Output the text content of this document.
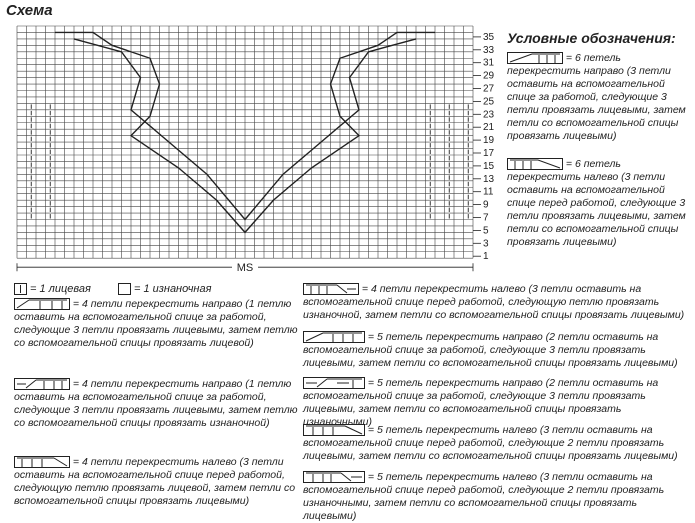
1
3
5
7
9
11
13
15
17
19
21
23
25
27
29
31
33
35
MS
Схема
Условные обозначения:
= 6 петель перекрестить направо (3 петли оставить на вспомогательной спице за работой, следующие 3 петли провязать лицевыми, затем петли со вспомогательной спицы провязать лицевыми)
= 6 петель перекрестить налево (3 петли оставить на вспомогательной спице перед работой, следующие 3 петли провязать лицевыми, затем петли со вспомогательной спицы провязать лицевыми)
= 1 лицевая	= 1 изнаночная
= 4 петли перекрестить направо (1 петлю оставить на вспомогательной спице за работой, следующие 3 петли провязать лицевыми, затем петлю со вспомогательной спицы провязать лицевой)
= 4 петли перекрестить направо (1 петлю оставить на вспомогательной спице за работой, следующие 3 петли провязать лицевыми, затем петлю со вспомогательной спицы провязать изнаночной)
= 4 петли перекрестить налево (3 петли оставить на вспомогательной спице перед работой, следующую петлю провязать лицевой, затем петли со вспомогательной спицы провязать лицевыми)
= 4 петли перекрестить налево (3 петли оставить на вспомогательной спице перед работой, следующую петлю провязать изнаночной, затем петли со вспомогательной спицы провязать лицевыми)
= 5 петель перекрестить направо (2 петли оставить на вспомогательной спице за работой, следующие 3 петли провязать лицевыми, затем петли со вспомогательной спицы провязать лицевыми)
= 5 петель перекрестить направо (2 петли оставить на вспомогательной спице за работой, следующие 3 петли провязать лицевыми, затем петли со вспомогательной спицы провязать изнаночными)
= 5 петель перекрестить налево (3 петли оставить на вспомогательной спице перед работой, следующие 2 петли провязать лицевыми, затем петли со вспомогательной спицы провязать лицевыми)
= 5 петель перекрестить налево (3 петли оставить на вспомогательной спице перед работой, следующие 2 петли провязать изнаночными, затем петли со вспомогательной спицы провязать лицевыми)
